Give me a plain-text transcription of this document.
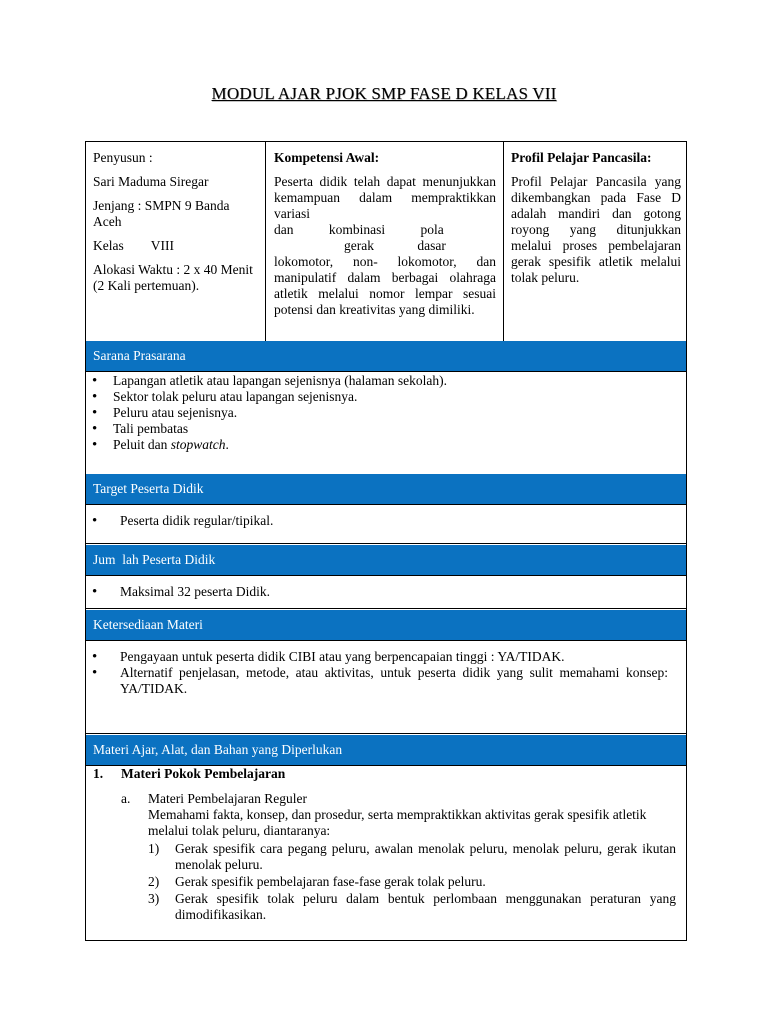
MODUL AJAR PJOK SMP FASE D KELAS VII

Penyusun :

Sari Maduma Siregar

Jenjang : SMPN 9 Banda Aceh

Kelas VIII

Alokasi Waktu : 2 x 40 Menit (2 Kali pertemuan).

Kompetensi Awal:
Peserta didik telah dapat menunjukkan kemampuan dalam mempraktikkan variasi
dan kombinasi pola
gerak dasar
lokomotor, non- lokomotor, dan manipulatif dalam berbagai olahraga atletik melalui nomor lempar sesuai potensi dan kreativitas yang dimiliki.
Profil Pelajar Pancasila:
Profil Pelajar Pancasila yang dikembangkan pada Fase D adalah mandiri dan gotong royong yang ditunjukkan melalui proses pembelajaran gerak spesifik atletik melalui tolak peluru.
Sarana Prasarana
• Lapangan atletik atau lapangan sejenisnya (halaman sekolah).
• Sektor tolak peluru atau lapangan sejenisnya.
• Peluru atau sejenisnya.
• Tali pembatas
• Peluit dan stopwatch.
Target Peserta Didik
• Peserta didik regular/tipikal.
Jumdlah Peserta Didik
• Maksimal 32 peserta Didik.
Ketersediaan Materi
• Pengayaan untuk peserta didik CIBI atau yang berpencapaian tinggi : YA/TIDAK.
• Alternatif penjelasan, metode, atau aktivitas, untuk peserta didik yang sulit memahami konsep: YA/TIDAK.
Materi Ajar, Alat, dan Bahan yang Diperlukan
1. Materi Pokok Pembelajaran
a. Materi Pembelajaran Reguler
Memahami fakta, konsep, dan prosedur, serta mempraktikkan aktivitas gerak spesifik atletik melalui tolak peluru, diantaranya:
1) Gerak spesifik cara pegang peluru, awalan menolak peluru, menolak peluru, gerak ikutan menolak peluru.
2) Gerak spesifik pembelajaran fase-fase gerak tolak peluru.
3) Gerak spesifik tolak peluru dalam bentuk perlombaan menggunakan peraturan yang dimodifikasikan.
